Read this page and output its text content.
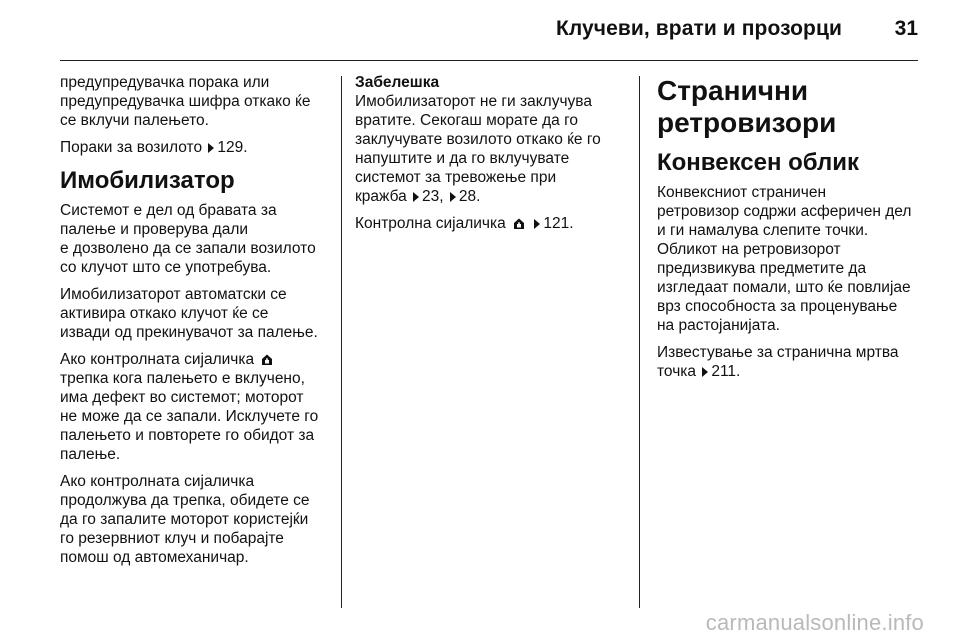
Клучеви, врати и прозорци	31

предупредувачка порака или
предупредувачка шифра откако ќе
се вклучи палењето.

Пораки за возилото 129.

Имобилизатор

Системот е дел од бравата за
палење и проверува дали
е дозволено да се запали возилото
со клучот што се употребува.

Имобилизаторот автоматски се
активира откако клучот ќе се
извади од прекинувачот за палење.

Ако контролната сијаличка
трепка кога палењето е вклучено,
има дефект во системот; моторот
не може да се запали. Исклучете го
палењето и повторете го обидот за
палење.

Ако контролната сијаличка
продолжува да трепка, обидете се
да го запалите моторот користејќи
го резервниот клуч и побарајте
помош од автомеханичар.

Забелешка
Имобилизаторот не ги заклучува
вратите. Секогаш морате да го
заклучувате возилото откако ќе го
напуштите и да го вклучувате
системот за тревожење при
кражба 23, 28.

Контролна сијаличка 121.

Странични
ретровизори
Конвексен облик

Конвексниот страничен
ретровизор содржи асферичен дел
и ги намалува слепите точки.
Обликот на ретровизорот
предизвикува предметите да
изгледаат помали, што ќе повлијае
врз способноста за проценување
на растојанијата.

Известување за странична мртва
точка 211.

carmanualsonline.info
